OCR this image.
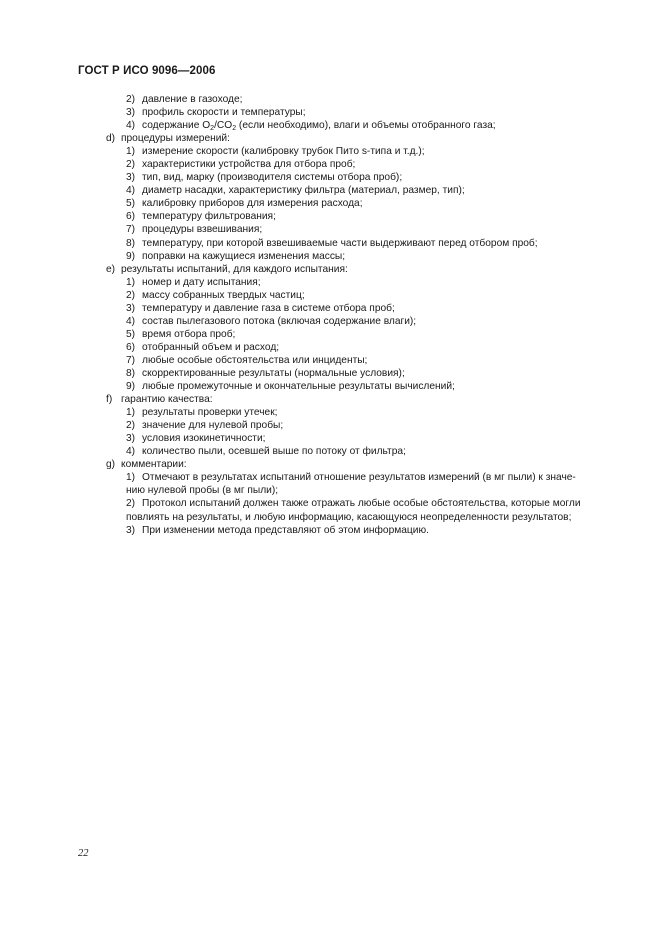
ГОСТ Р ИСО 9096—2006
2) давление в газоходе;
3) профиль скорости и температуры;
4) содержание $O_2/CO_2$ (если необходимо), влаги и объемы отобранного газа;
d) процедуры измерений:
1) измерение скорости (калибровку трубок Пито s-типа и т.д.);
2) характеристики устройства для отбора проб;
3) тип, вид, марку (производителя системы отбора проб);
4) диаметр насадки, характеристику фильтра (материал, размер, тип);
5) калибровку приборов для измерения расхода;
6) температуру фильтрования;
7) процедуры взвешивания;
8) температуру, при которой взвешиваемые части выдерживают перед отбором проб;
9) поправки на кажущиеся изменения массы;
e) результаты испытаний, для каждого испытания:
1) номер и дату испытания;
2) массу собранных твердых частиц;
3) температуру и давление газа в системе отбора проб;
4) состав пылегазового потока (включая содержание влаги);
5) время отбора проб;
6) отобранный объем и расход;
7) любые особые обстоятельства или инциденты;
8) скорректированные результаты (нормальные условия);
9) любые промежуточные и окончательные результаты вычислений;
f) гарантию качества:
1) результаты проверки утечек;
2) значение для нулевой пробы;
3) условия изокинетичности;
4) количество пыли, осевшей выше по потоку от фильтра;
g) комментарии:
1) Отмечают в результатах испытаний отношение результатов измерений (в мг пыли) к значе-
нию нулевой пробы (в мг пыли);
2) Протокол испытаний должен также отражать любые особые обстоятельства, которые могли
повлиять на результаты, и любую информацию, касающуюся неопределенности результатов;
3) При изменении метода представляют об этом информацию.
22
